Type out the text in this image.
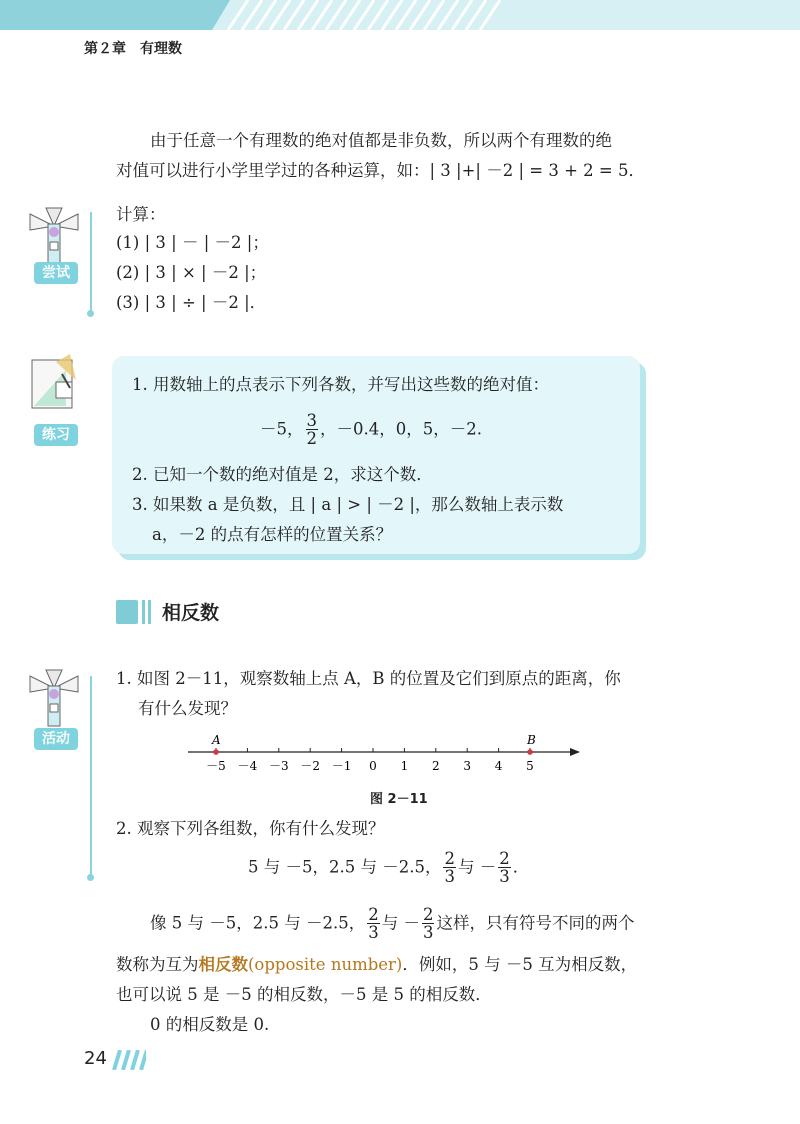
第２章　有理数
由于任意一个有理数的绝对值都是非负数，所以两个有理数的绝
对值可以进行小学里学过的各种运算，如：| 3 |+| －2 | = 3 + 2 = 5．
尝试
计算：
(1) | 3 | － | －2 |；
(2) | 3 | × | －2 |；
(3) | 3 | ÷ | －2 |．
练习
1. 用数轴上的点表示下列各数，并写出这些数的绝对值：
－5， $\frac{3}{2}$ ，－0.4，0，5，－2.
2. 已知一个数的绝对值是 2，求这个数．
3. 如果数 a 是负数，且 | a | > | －2 |，那么数轴上表示数
a，－2 的点有怎样的位置关系？
相反数
活动
1. 如图 2－11，观察数轴上点 A，B 的位置及它们到原点的距离，你
有什么发现？
－5 －4 －3 －2 －1 0 1 2 3 4 5
A	B
图 2－11
2. 观察下列各组数，你有什么发现？
5 与 －5，2.5 与 －2.5， $\frac{2}{3}$ 与 － $\frac{2}{3}$ ．
像 5 与 －5，2.5 与 －2.5， $\frac{2}{3}$ 与 － $\frac{2}{3}$ 这样，只有符号不同的两个
数称为互为相反数(opposite number)．例如，5 与 －5 互为相反数，
也可以说 5 是 －5 的相反数，－5 是 5 的相反数．
0 的相反数是 0.
24
